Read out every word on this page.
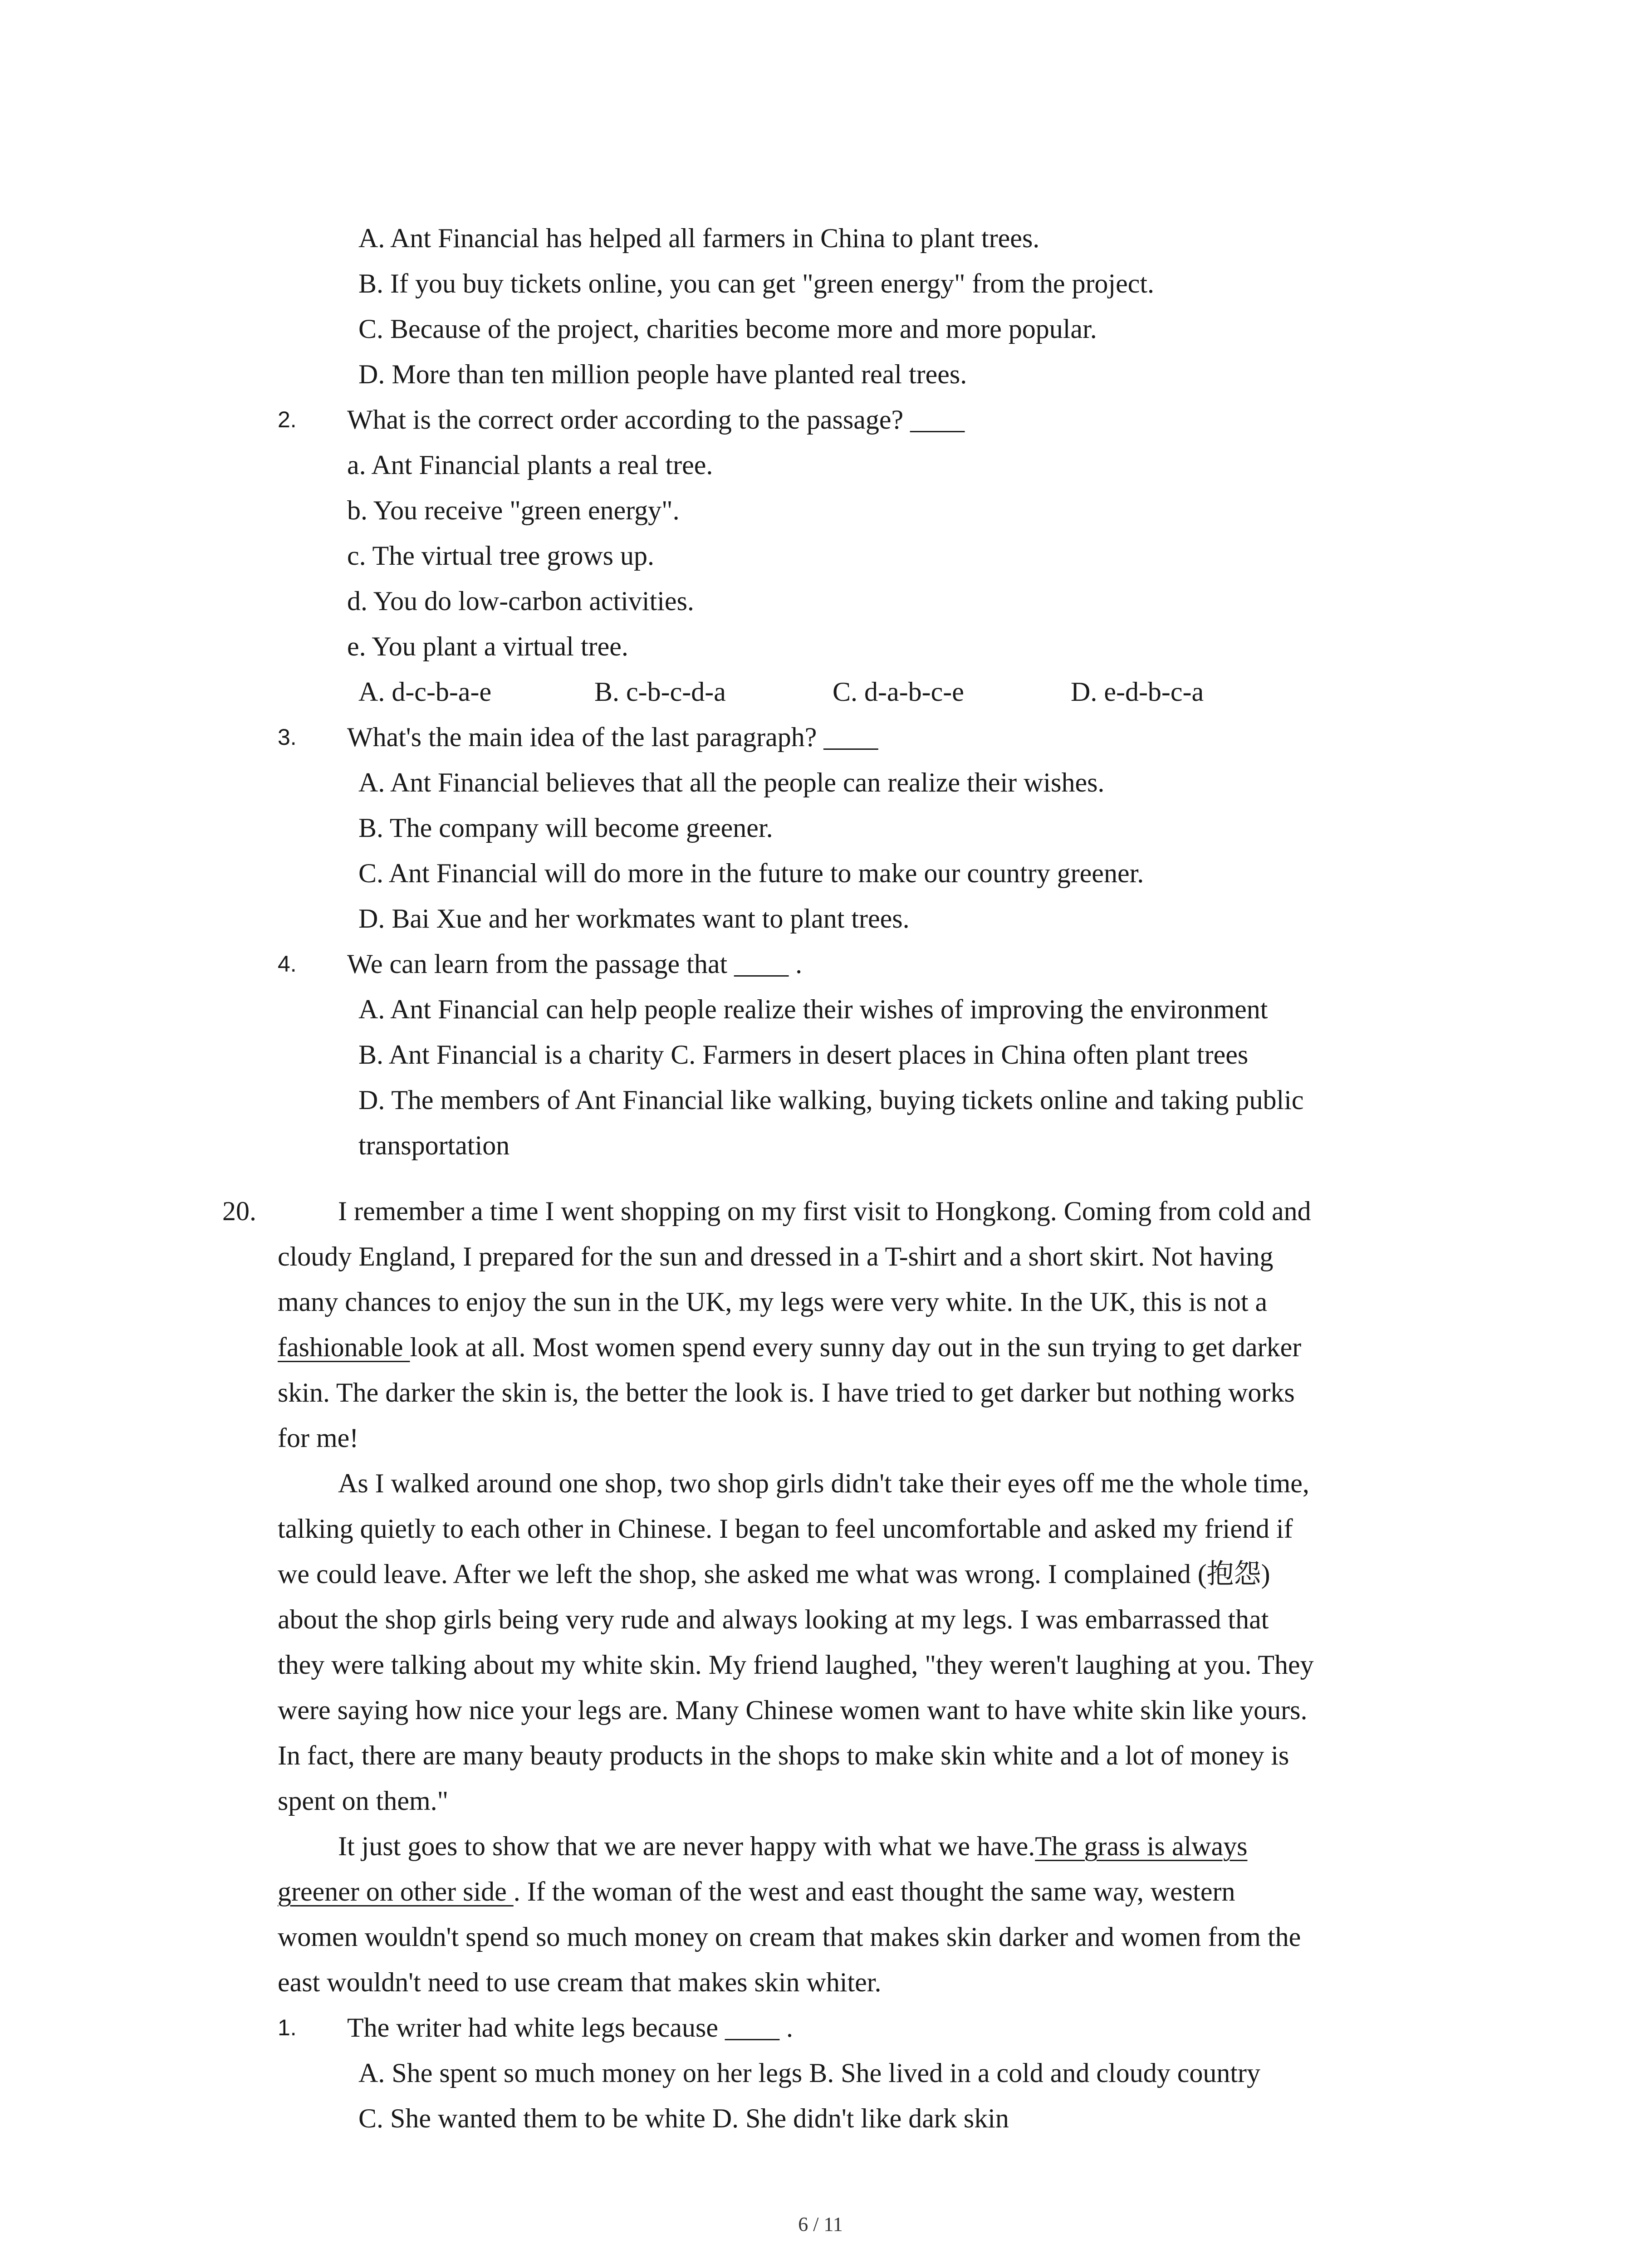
A. Ant Financial has helped all farmers in China to plant trees.
B. If you buy tickets online, you can get "green energy" from the project.
C. Because of the project, charities become more and more popular.
D. More than ten million people have planted real trees.
2. What is the correct order according to the passage? ____
a. Ant Financial plants a real tree.
b. You receive "green energy".
c. The virtual tree grows up.
d. You do low-carbon activities.
e. You plant a virtual tree.
A. d-c-b-a-e	B. c-b-c-d-a	C. d-a-b-c-e	D. e-d-b-c-a
3. What's the main idea of the last paragraph? ____
A. Ant Financial believes that all the people can realize their wishes.
B. The company will become greener.
C. Ant Financial will do more in the future to make our country greener.
D. Bai Xue and her workmates want to plant trees.
4. We can learn from the passage that ____ .
A. Ant Financial can help people realize their wishes of improving the environment
B. Ant Financial is a charity C. Farmers in desert places in China often plant trees
D. The members of Ant Financial like walking, buying tickets online and taking public
transportation
20.	I remember a time I went shopping on my first visit to Hongkong. Coming from cold and
cloudy England, I prepared for the sun and dressed in a T-shirt and a short skirt. Not having
many chances to enjoy the sun in the UK, my legs were very white. In the UK, this is not a
fashionable look at all. Most women spend every sunny day out in the sun trying to get darker
skin. The darker the skin is, the better the look is. I have tried to get darker but nothing works
for me!
As I walked around one shop, two shop girls didn't take their eyes off me the whole time,
talking quietly to each other in Chinese. I began to feel uncomfortable and asked my friend if
we could leave. After we left the shop, she asked me what was wrong. I complained (抱怨)
about the shop girls being very rude and always looking at my legs. I was embarrassed that
they were talking about my white skin. My friend laughed, "they weren't laughing at you. They
were saying how nice your legs are. Many Chinese women want to have white skin like yours.
In fact, there are many beauty products in the shops to make skin white and a lot of money is
spent on them."
It just goes to show that we are never happy with what we have.The grass is always
greener on other side . If the woman of the west and east thought the same way, western
women wouldn't spend so much money on cream that makes skin darker and women from the
east wouldn't need to use cream that makes skin whiter.
1. The writer had white legs because ____ .
A. She spent so much money on her legs B. She lived in a cold and cloudy country
C. She wanted them to be white D. She didn't like dark skin
6 / 11
